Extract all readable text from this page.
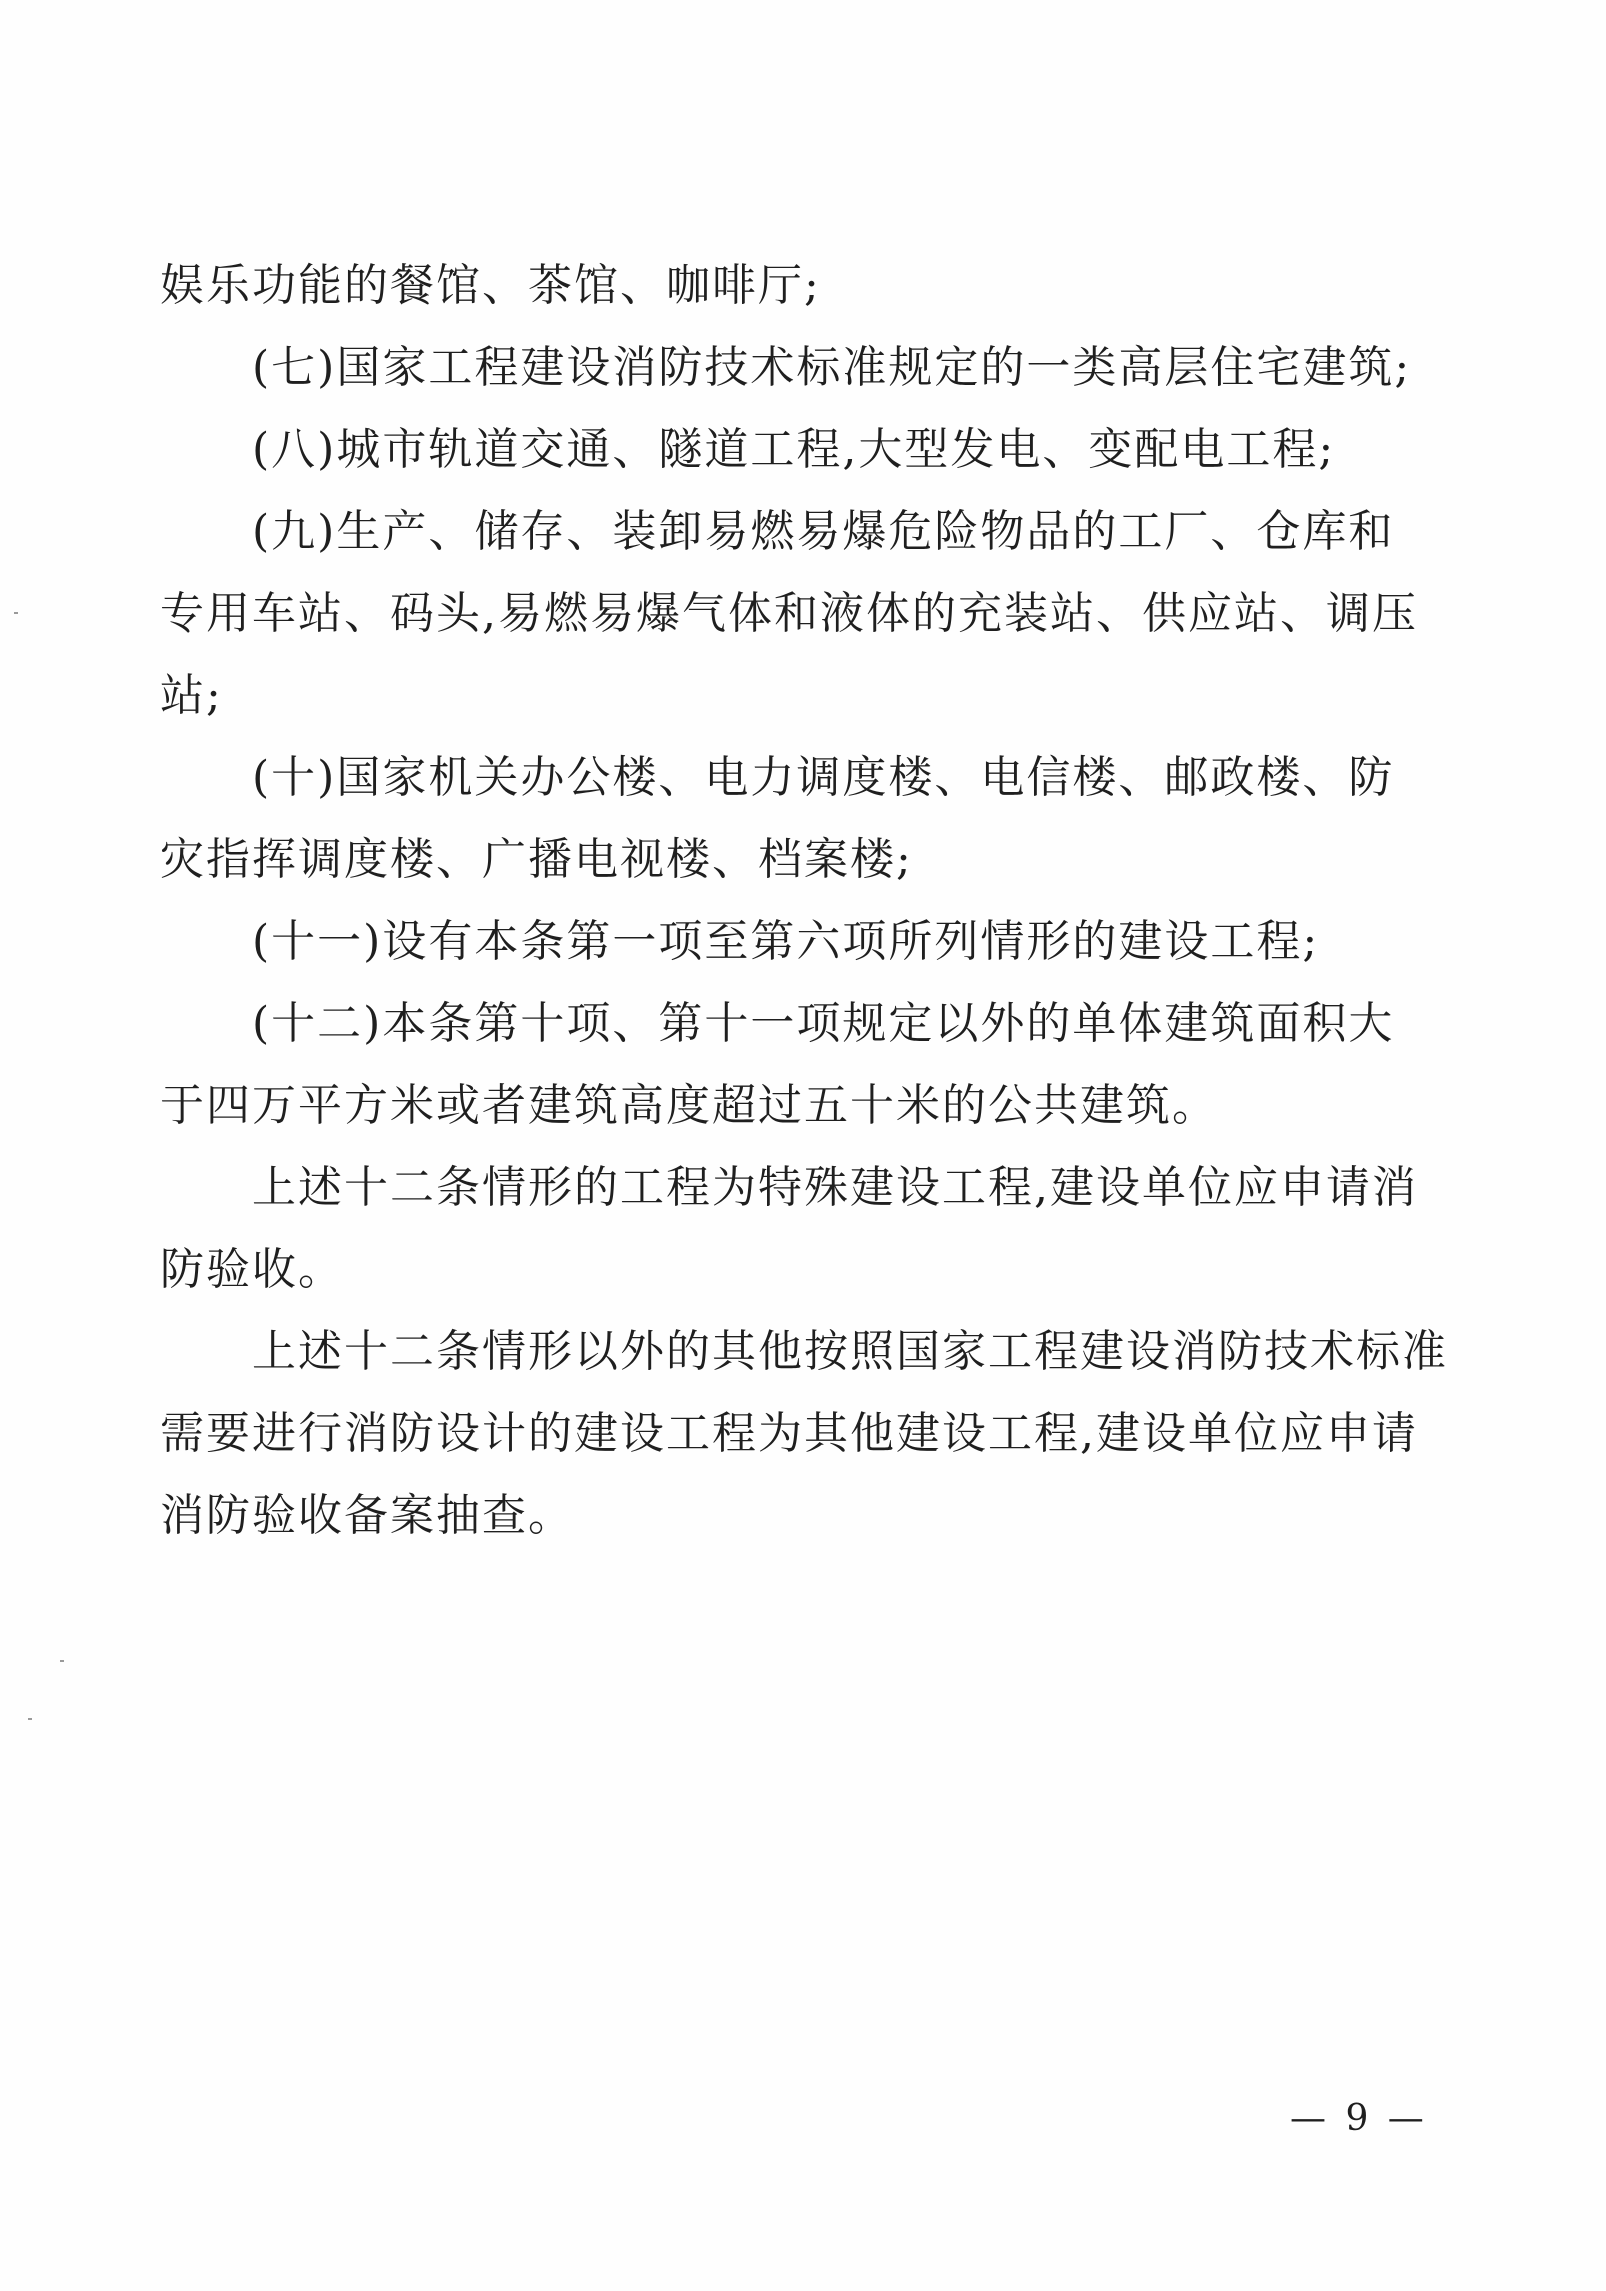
娱乐功能的餐馆、茶馆、咖啡厅;
(七)国家工程建设消防技术标准规定的一类高层住宅建筑;
(八)城市轨道交通、隧道工程,大型发电、变配电工程;
(九)生产、储存、装卸易燃易爆危险物品的工厂、仓库和
专用车站、码头,易燃易爆气体和液体的充装站、供应站、调压
站;
(十)国家机关办公楼、电力调度楼、电信楼、邮政楼、防
灾指挥调度楼、广播电视楼、档案楼;
(十一)设有本条第一项至第六项所列情形的建设工程;
(十二)本条第十项、第十一项规定以外的单体建筑面积大
于四万平方米或者建筑高度超过五十米的公共建筑。
上述十二条情形的工程为特殊建设工程,建设单位应申请消
防验收。
上述十二条情形以外的其他按照国家工程建设消防技术标准
需要进行消防设计的建设工程为其他建设工程,建设单位应申请
消防验收备案抽查。
— 9 —
